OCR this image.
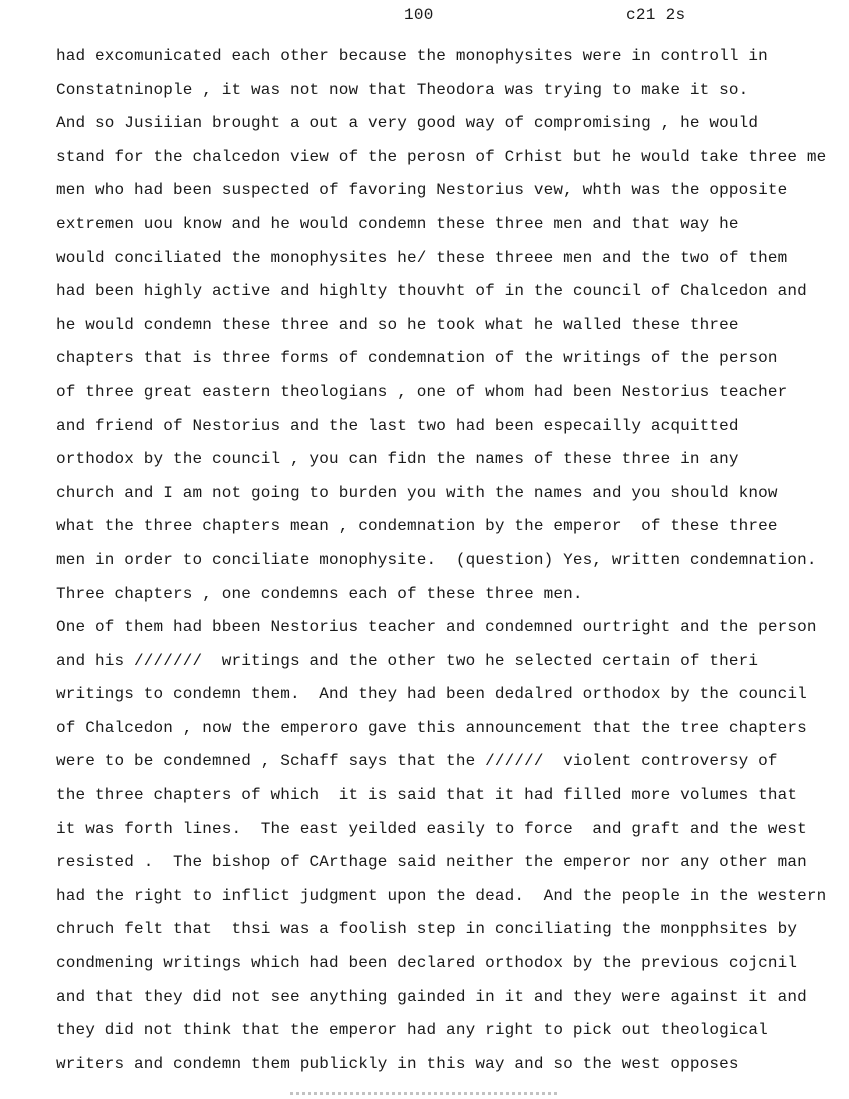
100	c21 2s
had excomunicated each other because the monophysites were in controll in
Constatninople , it was not now that Theodora was trying to make it so.
And so Jusiiian brought a out a very good way of compromising , he would
stand for the chalcedon view of the perosn of Crhist but he would take three me
men who had been suspected of favoring Nestorius vew, whth was the opposite
extremen uou know and he would condemn these three men and that way he
would conciliated the monophysites he/ these threee men and the two of them
had been highly active and highlty thouvht of in the council of Chalcedon and
he would condemn these three and so he took what he walled these three
chapters that is three forms of condemnation of the writings of the person
of three great eastern theologians , one of whom had been Nestorius teacher
and friend of Nestorius and the last two had been especailly acquitted
orthodox by the council , you can fidn the names of these three in any
church and I am not going to burden you with the names and you should know
what the three chapters mean , condemnation by the emperor  of these three
men in order to conciliate monophysite.  (question) Yes, written condemnation.
Three chapters , one condemns each of these three men.
One of them had bbeen Nestorius teacher and condemned ourtright and the person
and his ///////  writings and the other two he selected certain of theri
writings to condemn them.  And they had been dedalred orthodox by the council
of Chalcedon , now the emperoro gave this announcement that the tree chapters
were to be condemned , Schaff says that the //////  violent controversy of
the three chapters of which  it is said that it had filled more volumes that
it was forth lines.  The east yeilded easily to force  and graft and the west
resisted .  The bishop of CArthage said neither the emperor nor any other man
had the right to inflict judgment upon the dead.  And the people in the western
chruch felt that  thsi was a foolish step in conciliating the monpphsites by
condmening writings which had been declared orthodox by the previous cojcnil
and that they did not see anything gainded in it and they were against it and
they did not think that the emperor had any right to pick out theological
writers and condemn them publickly in this way and so the west opposes
